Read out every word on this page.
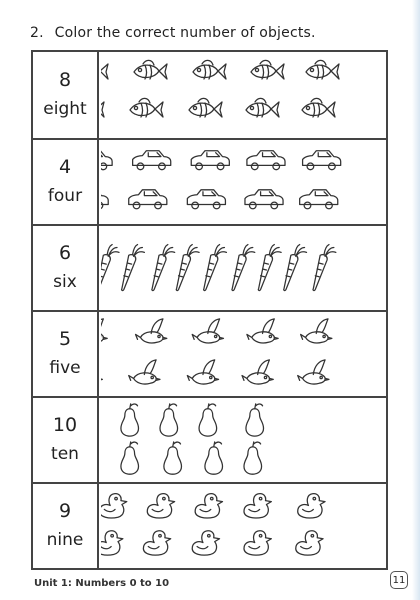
2. Color the correct number of objects.
8
eight
4
four
6
six
5
five
10
ten
9
nine
Unit 1: Numbers 0 to 10	11
